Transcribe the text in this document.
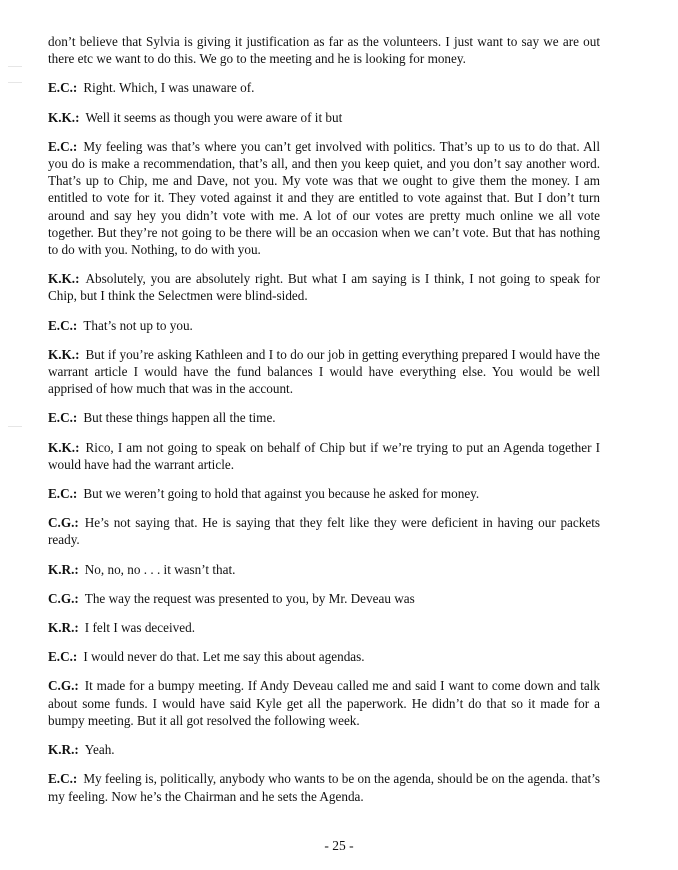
don’t believe that Sylvia is giving it justification as far as the volunteers. I just want to say we are out there etc we want to do this. We go to the meeting and he is looking for money.

E.C.: Right. Which, I was unaware of.

K.K.: Well it seems as though you were aware of it but

E.C.: My feeling was that’s where you can’t get involved with politics. That’s up to us to do that. All you do is make a recommendation, that’s all, and then you keep quiet, and you don’t say another word. That’s up to Chip, me and Dave, not you. My vote was that we ought to give them the money. I am entitled to vote for it. They voted against it and they are entitled to vote against that. But I don’t turn around and say hey you didn’t vote with me. A lot of our votes are pretty much online we all vote together. But they’re not going to be there will be an occasion when we can’t vote. But that has nothing to do with you. Nothing, to do with you.

K.K.: Absolutely, you are absolutely right. But what I am saying is I think, I not going to speak for Chip, but I think the Selectmen were blind-sided.

E.C.: That’s not up to you.

K.K.: But if you’re asking Kathleen and I to do our job in getting everything prepared I would have the warrant article I would have the fund balances I would have everything else. You would be well apprised of how much that was in the account.

E.C.: But these things happen all the time.

K.K.: Rico, I am not going to speak on behalf of Chip but if we’re trying to put an Agenda together I would have had the warrant article.

E.C.: But we weren’t going to hold that against you because he asked for money.

C.G.: He’s not saying that. He is saying that they felt like they were deficient in having our packets ready.

K.R.: No, no, no . . . it wasn’t that.

C.G.: The way the request was presented to you, by Mr. Deveau was

K.R.: I felt I was deceived.

E.C.: I would never do that. Let me say this about agendas.

C.G.: It made for a bumpy meeting. If Andy Deveau called me and said I want to come down and talk about some funds. I would have said Kyle get all the paperwork. He didn’t do that so it made for a bumpy meeting. But it all got resolved the following week.

K.R.: Yeah.

E.C.: My feeling is, politically, anybody who wants to be on the agenda, should be on the agenda. that’s my feeling. Now he’s the Chairman and he sets the Agenda.

- 25 -
